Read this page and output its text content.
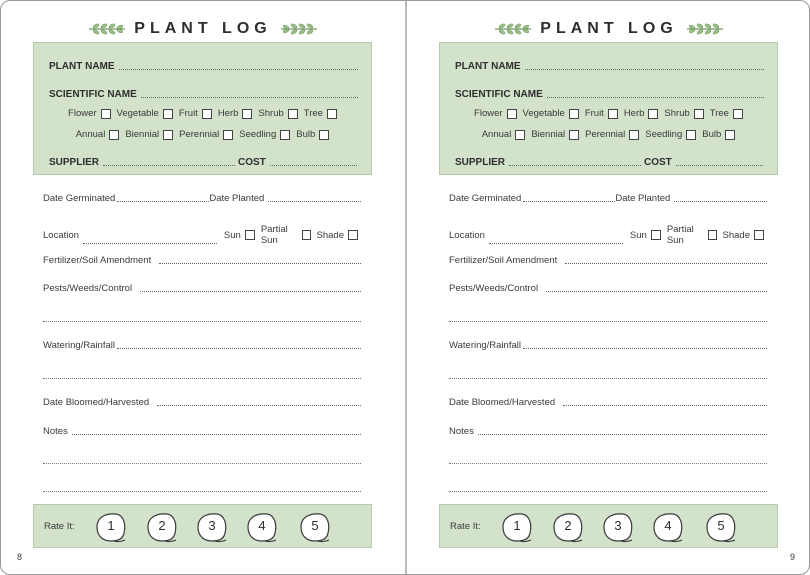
PLANT LOG
PLANT NAME
SCIENTIFIC NAME
Flower Vegetable Fruit Herb Shrub Tree
Annual Biennial Perennial Seedling Bulb
SUPPLIER	COST
Date Germinated	Date Planted
Location	Sun Partial Sun	Shade
Fertilizer/Soil Amendment
Pests/Weeds/Control
Watering/Rainfall
Date Bloomed/Harvested
Notes
Rate It:	1	2	3	4	5
8
PLANT LOG
PLANT NAME
SCIENTIFIC NAME
Flower Vegetable Fruit Herb Shrub Tree
Annual Biennial Perennial Seedling Bulb
SUPPLIER	COST
Date Germinated	Date Planted
Location	Sun Partial Sun	Shade
Fertilizer/Soil Amendment
Pests/Weeds/Control
Watering/Rainfall
Date Bloomed/Harvested
Notes
Rate It:	1	2	3	4	5
9
